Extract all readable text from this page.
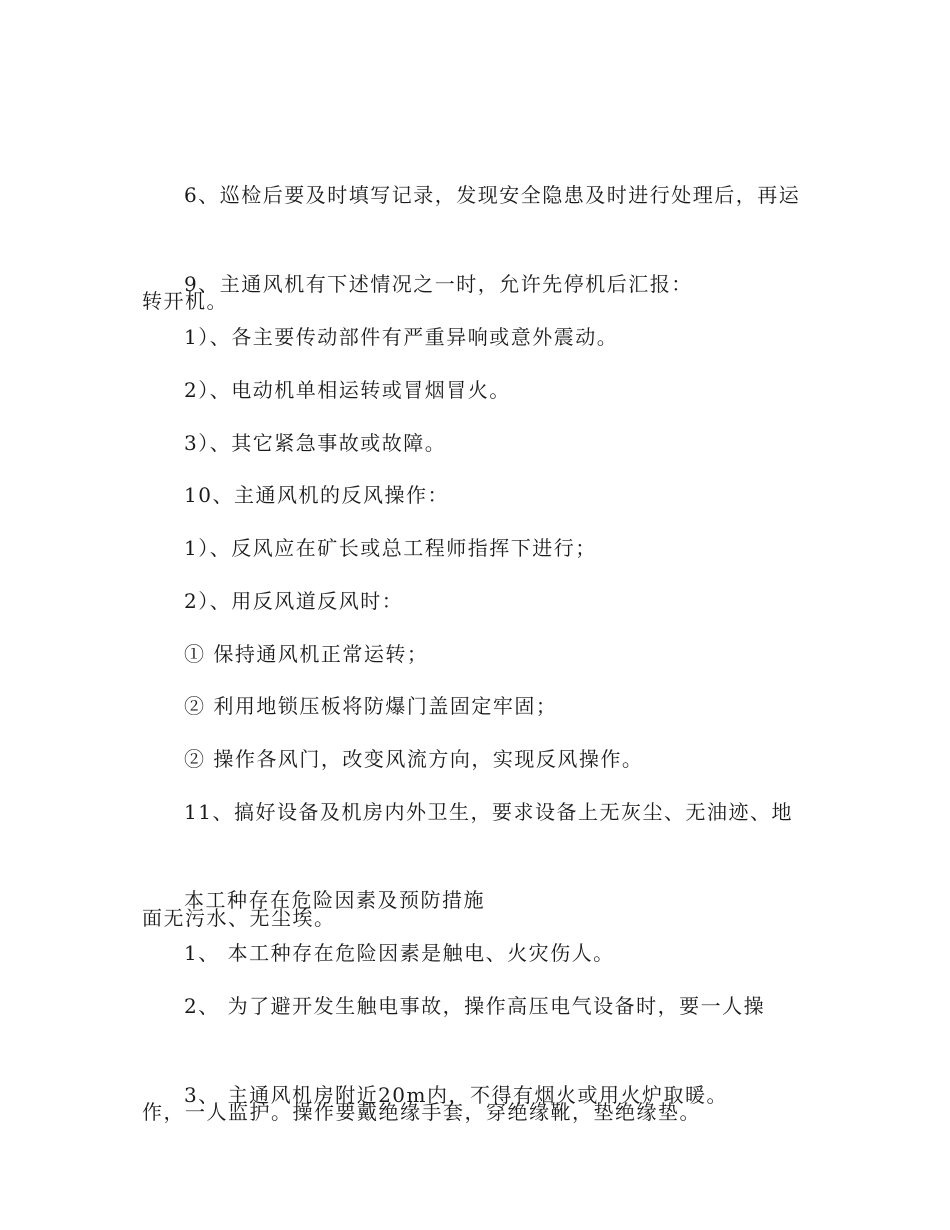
6、巡检后要及时填写记录，发现安全隐患及时进行处理后，再运

转开机。

9、主通风机有下述情况之一时，允许先停机后汇报：

1）、各主要传动部件有严重异响或意外震动。

2）、电动机单相运转或冒烟冒火。

3）、其它紧急事故或故障。

10、主通风机的反风操作：

1）、反风应在矿长或总工程师指挥下进行；

2）、用反风道反风时：

① 保持通风机正常运转；

② 利用地锁压板将防爆门盖固定牢固；

② 操作各风门，改变风流方向，实现反风操作。

11、搞好设备及机房内外卫生，要求设备上无灰尘、无油迹、地

面无污水、无尘埃。

本工种存在危险因素及预防措施

1、 本工种存在危险因素是触电、火灾伤人。

2、 为了避开发生触电事故，操作高压电气设备时，要一人操

作，一人监护。操作要戴绝缘手套，穿绝缘靴，垫绝缘垫。

3、 主通风机房附近20m内，不得有烟火或用火炉取暖。
